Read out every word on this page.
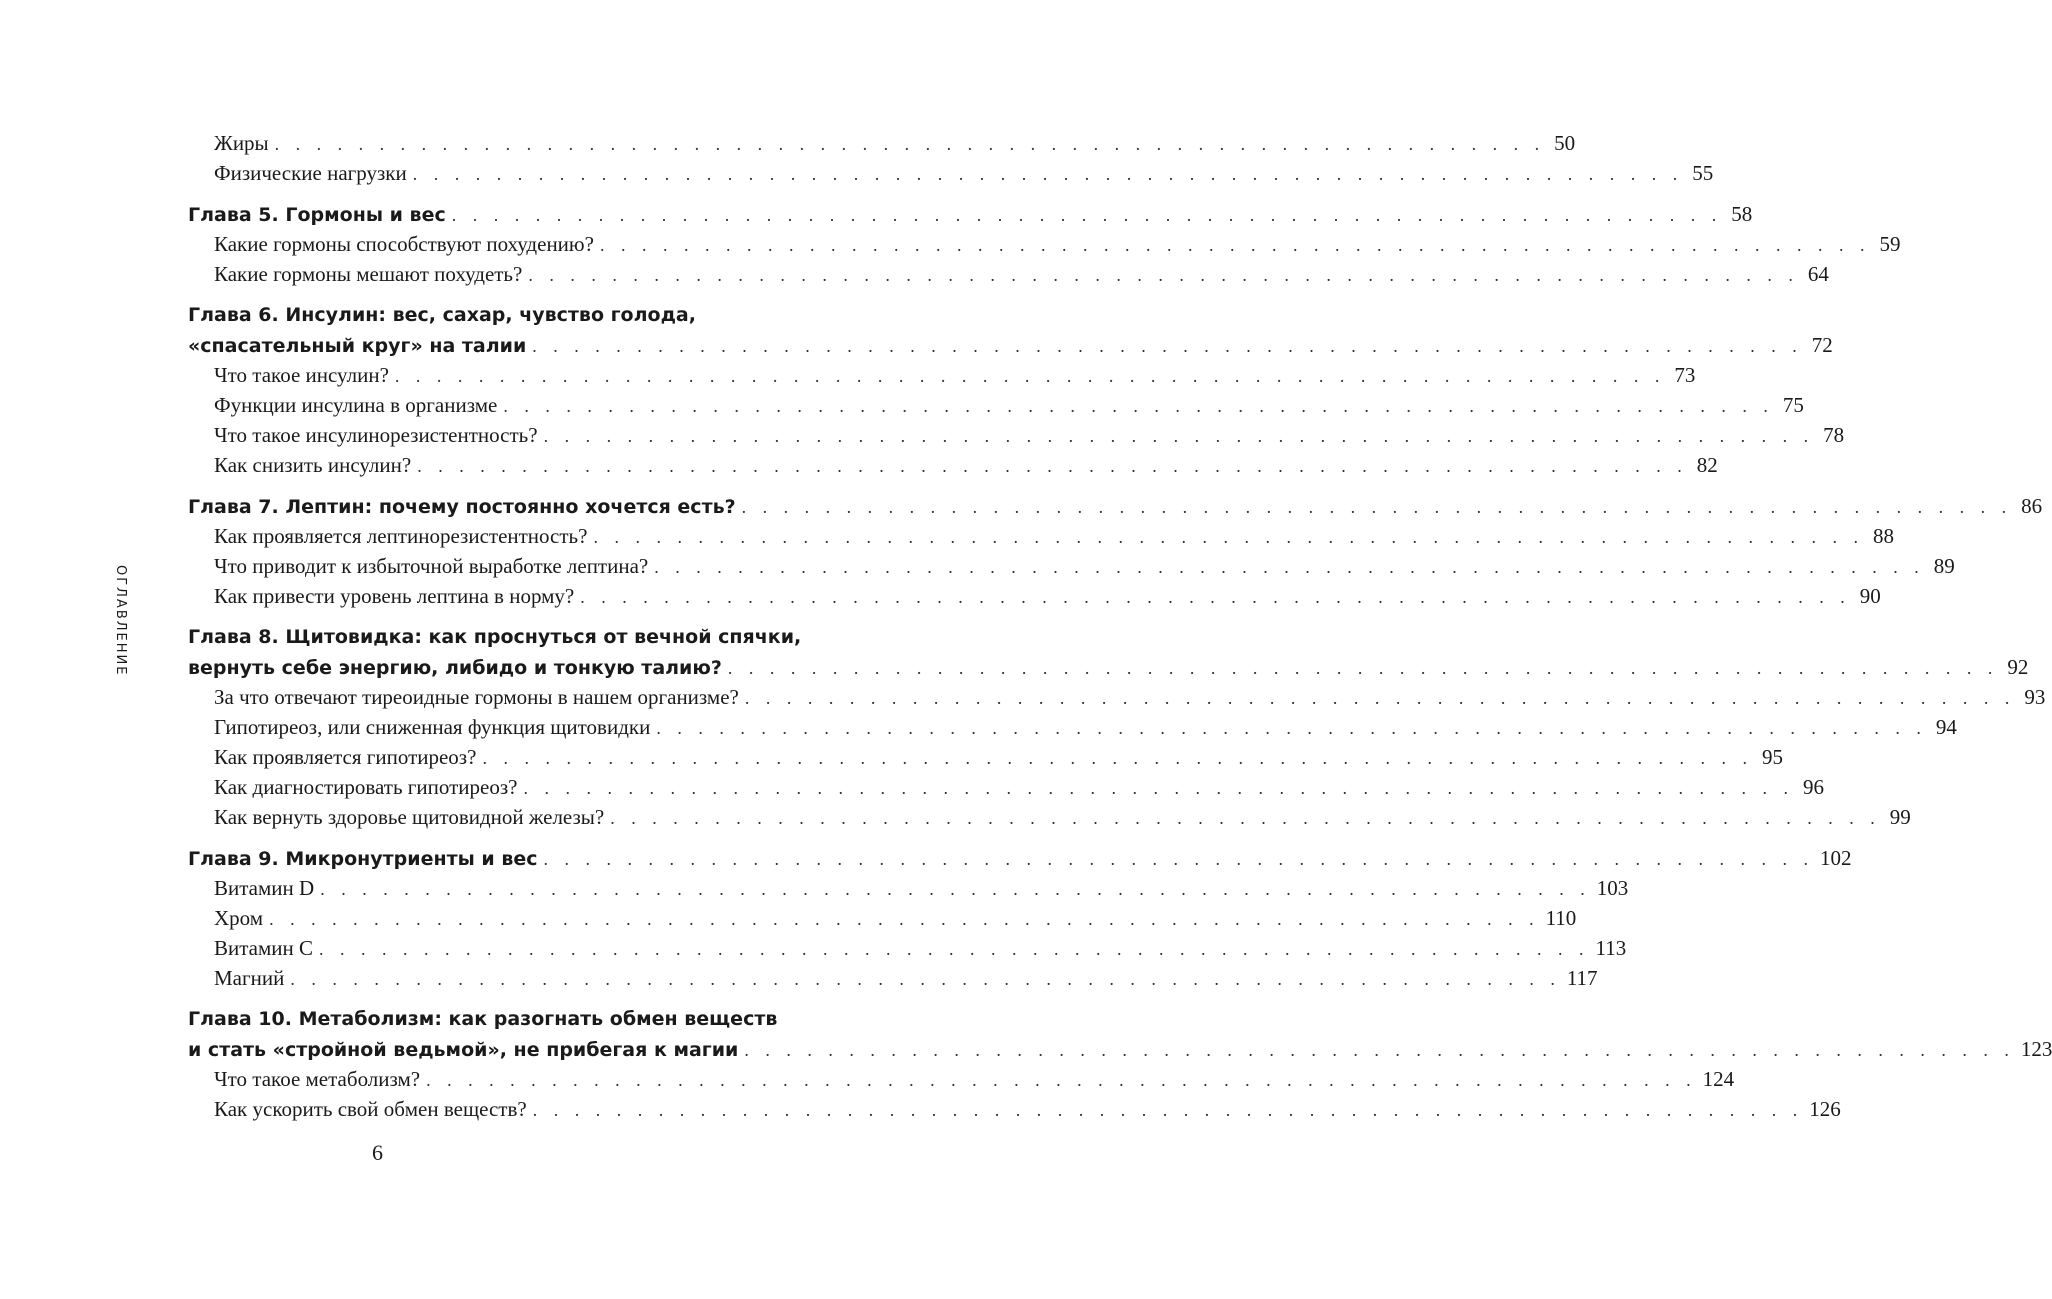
ОГЛАВЛЕНИЕ
Жиры . . . . . . . . . . . . . . . . . . . . . . . . . . . . . . . . . . . . . . . . . . . . . . . . . . . . . . . . . . . . . 50
Физические нагрузки . . . . . . . . . . . . . . . . . . . . . . . . . . . . . . . . . . . . . . . . . . . . . . . . . . . . . . . . . . . . . 55
Глава 5. Гормоны и вес . . . . . . . . . . . . . . . . . . . . . . . . . . . . . . . . . . . . . . . . . . . . . . . . . . . . . . . . . . . . . 58
Какие гормоны способствуют похудению? . . . . . . . . . . . . . . . . . . . . . . . . . . . . . . . . . . . . . . . . . . . . . . . . . . . . . . . . . . . . . 59
Какие гормоны мешают похудеть? . . . . . . . . . . . . . . . . . . . . . . . . . . . . . . . . . . . . . . . . . . . . . . . . . . . . . . . . . . . . . 64
Глава 6. Инсулин: вес, сахар, чувство голода,
«спасательный круг» на талии . . . . . . . . . . . . . . . . . . . . . . . . . . . . . . . . . . . . . . . . . . . . . . . . . . . . . . . . . . . . . 72
Что такое инсулин? . . . . . . . . . . . . . . . . . . . . . . . . . . . . . . . . . . . . . . . . . . . . . . . . . . . . . . . . . . . . . 73
Функции инсулина в организме . . . . . . . . . . . . . . . . . . . . . . . . . . . . . . . . . . . . . . . . . . . . . . . . . . . . . . . . . . . . . 75
Что такое инсулинорезистентность? . . . . . . . . . . . . . . . . . . . . . . . . . . . . . . . . . . . . . . . . . . . . . . . . . . . . . . . . . . . . . 78
Как снизить инсулин? . . . . . . . . . . . . . . . . . . . . . . . . . . . . . . . . . . . . . . . . . . . . . . . . . . . . . . . . . . . . . 82
Глава 7. Лептин: почему постоянно хочется есть? . . . . . . . . . . . . . . . . . . . . . . . . . . . . . . . . . . . . . . . . . . . . . . . . . . . . . . . . . . . . . 86
Как проявляется лептинорезистентность? . . . . . . . . . . . . . . . . . . . . . . . . . . . . . . . . . . . . . . . . . . . . . . . . . . . . . . . . . . . . . 88
Что приводит к избыточной выработке лептина? . . . . . . . . . . . . . . . . . . . . . . . . . . . . . . . . . . . . . . . . . . . . . . . . . . . . . . . . . . . . . 89
Как привести уровень лептина в норму? . . . . . . . . . . . . . . . . . . . . . . . . . . . . . . . . . . . . . . . . . . . . . . . . . . . . . . . . . . . . . 90
Глава 8. Щитовидка: как проснуться от вечной спячки,
вернуть себе энергию, либидо и тонкую талию? . . . . . . . . . . . . . . . . . . . . . . . . . . . . . . . . . . . . . . . . . . . . . . . . . . . . . . . . . . . . . 92
За что отвечают тиреоидные гормоны в нашем организме? . . . . . . . . . . . . . . . . . . . . . . . . . . . . . . . . . . . . . . . . . . . . . . . . . . . . . . . . . . . . . 93
Гипотиреоз, или сниженная функция щитовидки . . . . . . . . . . . . . . . . . . . . . . . . . . . . . . . . . . . . . . . . . . . . . . . . . . . . . . . . . . . . . 94
Как проявляется гипотиреоз? . . . . . . . . . . . . . . . . . . . . . . . . . . . . . . . . . . . . . . . . . . . . . . . . . . . . . . . . . . . . . 95
Как диагностировать гипотиреоз? . . . . . . . . . . . . . . . . . . . . . . . . . . . . . . . . . . . . . . . . . . . . . . . . . . . . . . . . . . . . . 96
Как вернуть здоровье щитовидной железы? . . . . . . . . . . . . . . . . . . . . . . . . . . . . . . . . . . . . . . . . . . . . . . . . . . . . . . . . . . . . . 99
Глава 9. Микронутриенты и вес . . . . . . . . . . . . . . . . . . . . . . . . . . . . . . . . . . . . . . . . . . . . . . . . . . . . . . . . . . . . . 102
Витамин D . . . . . . . . . . . . . . . . . . . . . . . . . . . . . . . . . . . . . . . . . . . . . . . . . . . . . . . . . . . . . 103
Хром . . . . . . . . . . . . . . . . . . . . . . . . . . . . . . . . . . . . . . . . . . . . . . . . . . . . . . . . . . . . . 110
Витамин С . . . . . . . . . . . . . . . . . . . . . . . . . . . . . . . . . . . . . . . . . . . . . . . . . . . . . . . . . . . . . 113
Магний . . . . . . . . . . . . . . . . . . . . . . . . . . . . . . . . . . . . . . . . . . . . . . . . . . . . . . . . . . . . . 117
Глава 10. Метаболизм: как разогнать обмен веществ
и стать «стройной ведьмой», не прибегая к магии . . . . . . . . . . . . . . . . . . . . . . . . . . . . . . . . . . . . . . . . . . . . . . . . . . . . . . . . . . . . . 123
Что такое метаболизм? . . . . . . . . . . . . . . . . . . . . . . . . . . . . . . . . . . . . . . . . . . . . . . . . . . . . . . . . . . . . . 124
Как ускорить свой обмен веществ? . . . . . . . . . . . . . . . . . . . . . . . . . . . . . . . . . . . . . . . . . . . . . . . . . . . . . . . . . . . . . 126
6
